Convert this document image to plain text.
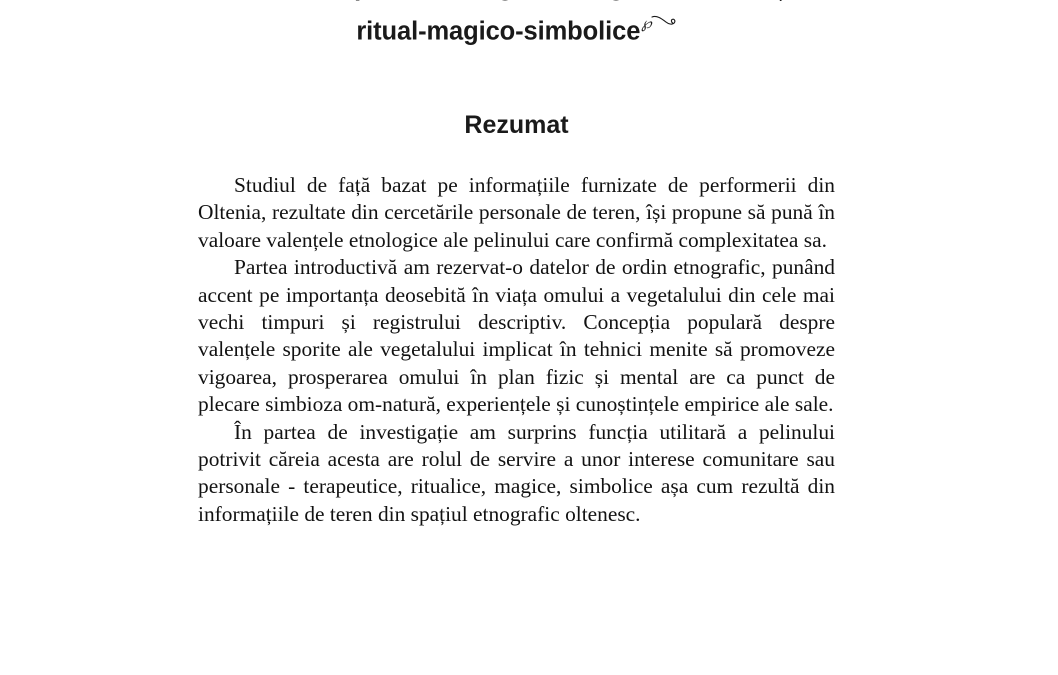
ritual-magico-simbolice℘
Rezumat

Studiul de față bazat pe informațiile furnizate de performerii din Oltenia, rezultate din cercetările personale de teren, își propune să pună în valoare valențele etnologice ale pelinului care confirmă complexitatea sa.

Partea introductivă am rezervat-o datelor de ordin etnografic, punând accent pe importanța deosebită în viața omului a vegetalului din cele mai vechi timpuri și registrului descriptiv. Concepția populară despre valențele sporite ale vegetalului implicat în tehnici menite să promoveze vigoarea, prosperarea omului în plan fizic și mental are ca punct de plecare simbioza om-natură, experiențele și cunoștințele empirice ale sale.

În partea de investigație am surprins funcția utilitară a pelinului potrivit căreia acesta are rolul de servire a unor interese comunitare sau personale - terapeutice, ritualice, magice, simbolice așa cum rezultă din informațiile de teren din spațiul etnografic oltenesc.
